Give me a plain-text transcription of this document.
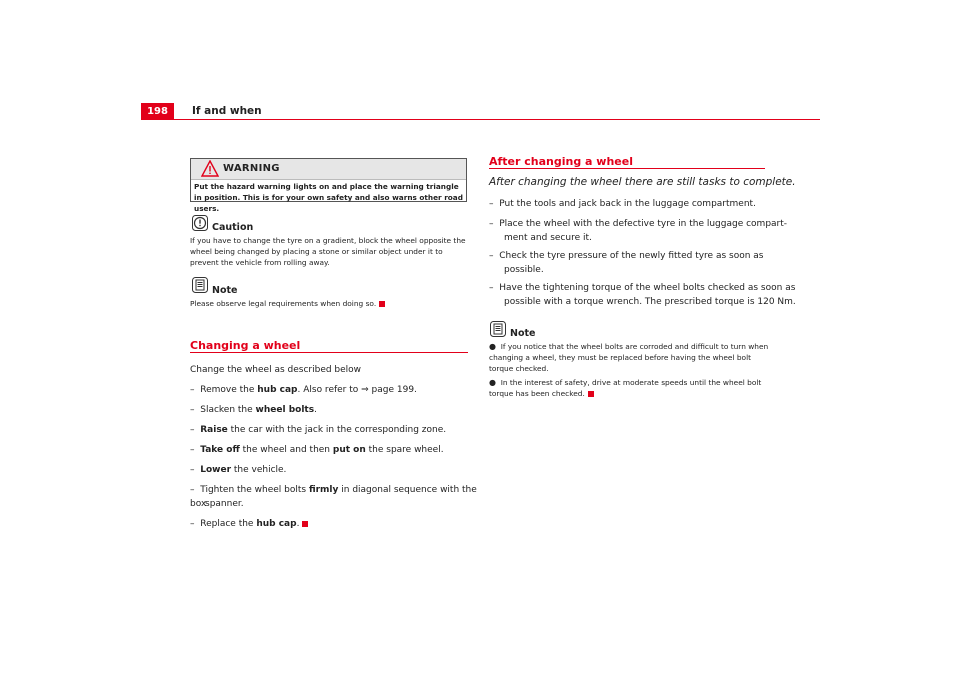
198	If and when
WARNING
Put the hazard warning lights on and place the warning triangle in position. This is for your own safety and also warns other road users.
Caution
If you have to change the tyre on a gradient, block the wheel opposite the wheel being changed by placing a stone or similar object under it to prevent the vehicle from rolling away.
Note
Please observe legal requirements when doing so.
Changing a wheel
Change the wheel as described below
– Remove the hub cap. Also refer to ⇒ page 199.
– Slacken the wheel bolts.
– Raise the car with the jack in the corresponding zone.
– Take off the wheel and then put on the spare wheel.
– Lower the vehicle.
– Tighten the wheel bolts firmly in diagonal sequence with the box
spanner.
– Replace the hub cap.
After changing a wheel
After changing the wheel there are still tasks to complete.
– Put the tools and jack back in the luggage compartment.
– Place the wheel with the defective tyre in the luggage compart-
ment and secure it.
– Check the tyre pressure of the newly fitted tyre as soon as
possible.
– Have the tightening torque of the wheel bolts checked as soon as
possible with a torque wrench. The prescribed torque is 120 Nm.
Note
● If you notice that the wheel bolts are corroded and difficult to turn when changing a wheel, they must be replaced before having the wheel bolt torque checked.
● In the interest of safety, drive at moderate speeds until the wheel bolt torque has been checked.
